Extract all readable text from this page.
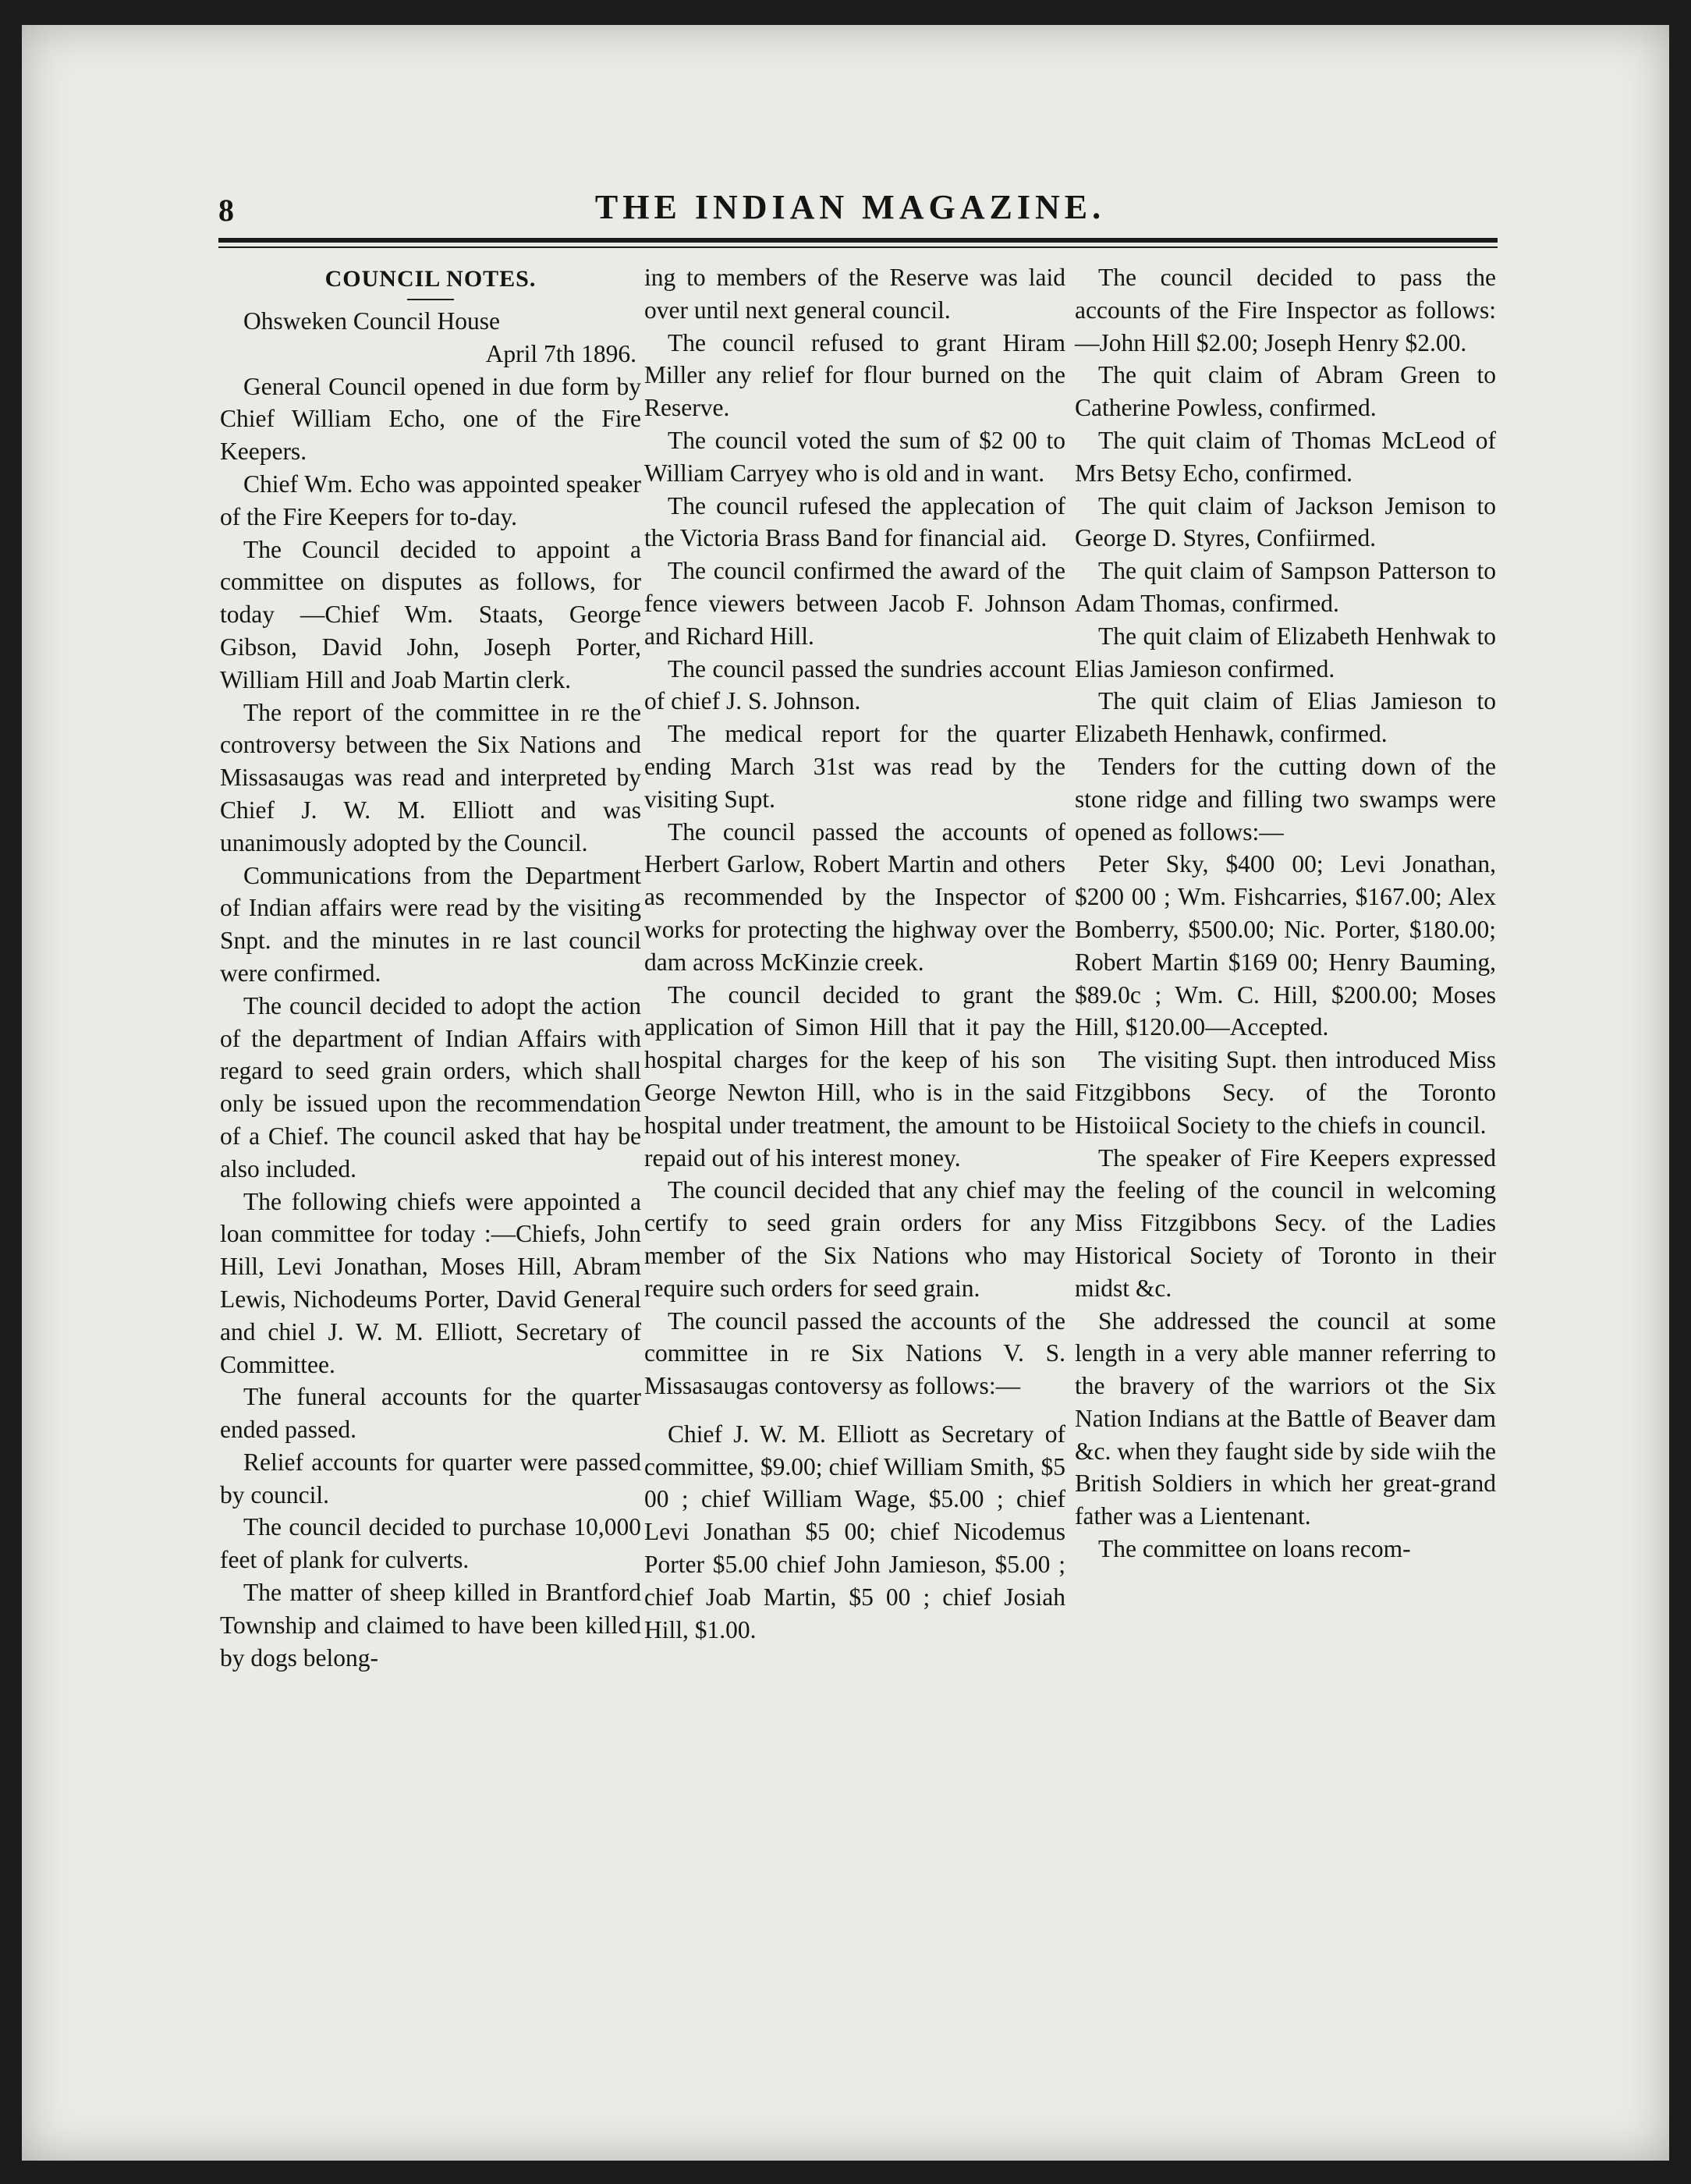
8	THE INDIAN MAGAZINE.
COUNCIL NOTES.

Ohsweken Council House

April 7th 1896.

General Council opened in due form by Chief William Echo, one of the Fire Keepers.

Chief Wm. Echo was appointed speaker of the Fire Keepers for to-day.

The Council decided to appoint a committee on disputes as follows, for today —Chief Wm. Staats, George Gibson, David John, Joseph Porter, William Hill and Joab Martin clerk.

The report of the committee in re the controversy between the Six Nations and Missasaugas was read and interpreted by Chief J. W. M. Elliott and was unanimously adopted by the Council.

Communications from the Department of Indian affairs were read by the visiting Snpt. and the minutes in re last council were confirmed.

The council decided to adopt the action of the department of Indian Affairs with regard to seed grain orders, which shall only be issued upon the recommendation of a Chief. The council asked that hay be also included.

The following chiefs were appointed a loan committee for today :—Chiefs, John Hill, Levi Jonathan, Moses Hill, Abram Lewis, Nichodeums Porter, David General and chiel J. W. M. Elliott, Secretary of Committee.

The funeral accounts for the quarter ended passed.

Relief accounts for quarter were passed by council.

The council decided to purchase 10,000 feet of plank for culverts.

The matter of sheep killed in Brantford Township and claimed to have been killed by dogs belong-

ing to members of the Reserve was laid over until next general council.

The council refused to grant Hiram Miller any relief for flour burned on the Reserve.

The council voted the sum of $2 00 to William Carryey who is old and in want.

The council rufesed the applecation of the Victoria Brass Band for financial aid.

The council confirmed the award of the fence viewers between Jacob F. Johnson and Richard Hill.

The council passed the sundries account of chief J. S. Johnson.

The medical report for the quarter ending March 31st was read by the visiting Supt.

The council passed the accounts of Herbert Garlow, Robert Martin and others as recommended by the Inspector of works for protecting the highway over the dam across McKinzie creek.

The council decided to grant the application of Simon Hill that it pay the hospital charges for the keep of his son George Newton Hill, who is in the said hospital under treatment, the amount to be repaid out of his interest money.

The council decided that any chief may certify to seed grain orders for any member of the Six Nations who may require such orders for seed grain.

The council passed the accounts of the committee in re Six Nations V. S. Missasaugas contoversy as follows:—

Chief J. W. M. Elliott as Secretary of committee, $9.00; chief William Smith, $5 00 ; chief William Wage, $5.00 ; chief Levi Jonathan $5 00; chief Nicodemus Porter $5.00 chief John Jamieson, $5.00 ; chief Joab Martin, $5 00 ; chief Josiah Hill, $1.00.

The council decided to pass the accounts of the Fire Inspector as follows:—John Hill $2.00; Joseph Henry $2.00.

The quit claim of Abram Green to Catherine Powless, confirmed.

The quit claim of Thomas McLeod of Mrs Betsy Echo, confirmed.

The quit claim of Jackson Jemison to George D. Styres, Confiirmed.

The quit claim of Sampson Patterson to Adam Thomas, confirmed.

The quit claim of Elizabeth Henhwak to Elias Jamieson confirmed.

The quit claim of Elias Jamieson to Elizabeth Henhawk, confirmed.

Tenders for the cutting down of the stone ridge and filling two swamps were opened as follows:—

Peter Sky, $400 00; Levi Jonathan, $200 00 ; Wm. Fishcarries, $167.00; Alex Bomberry, $500.00; Nic. Porter, $180.00; Robert Martin $169 00; Henry Bauming, $89.0c ; Wm. C. Hill, $200.00; Moses Hill, $120.00—Accepted.

The visiting Supt. then introduced Miss Fitzgibbons Secy. of the Toronto Histoiical Society to the chiefs in council.

The speaker of Fire Keepers expressed the feeling of the council in welcoming Miss Fitzgibbons Secy. of the Ladies Historical Society of Toronto in their midst &c.

She addressed the council at some length in a very able manner referring to the bravery of the warriors ot the Six Nation Indians at the Battle of Beaver dam &c. when they faught side by side wiih the British Soldiers in which her great-grand father was a Lientenant.

The committee on loans recom-
